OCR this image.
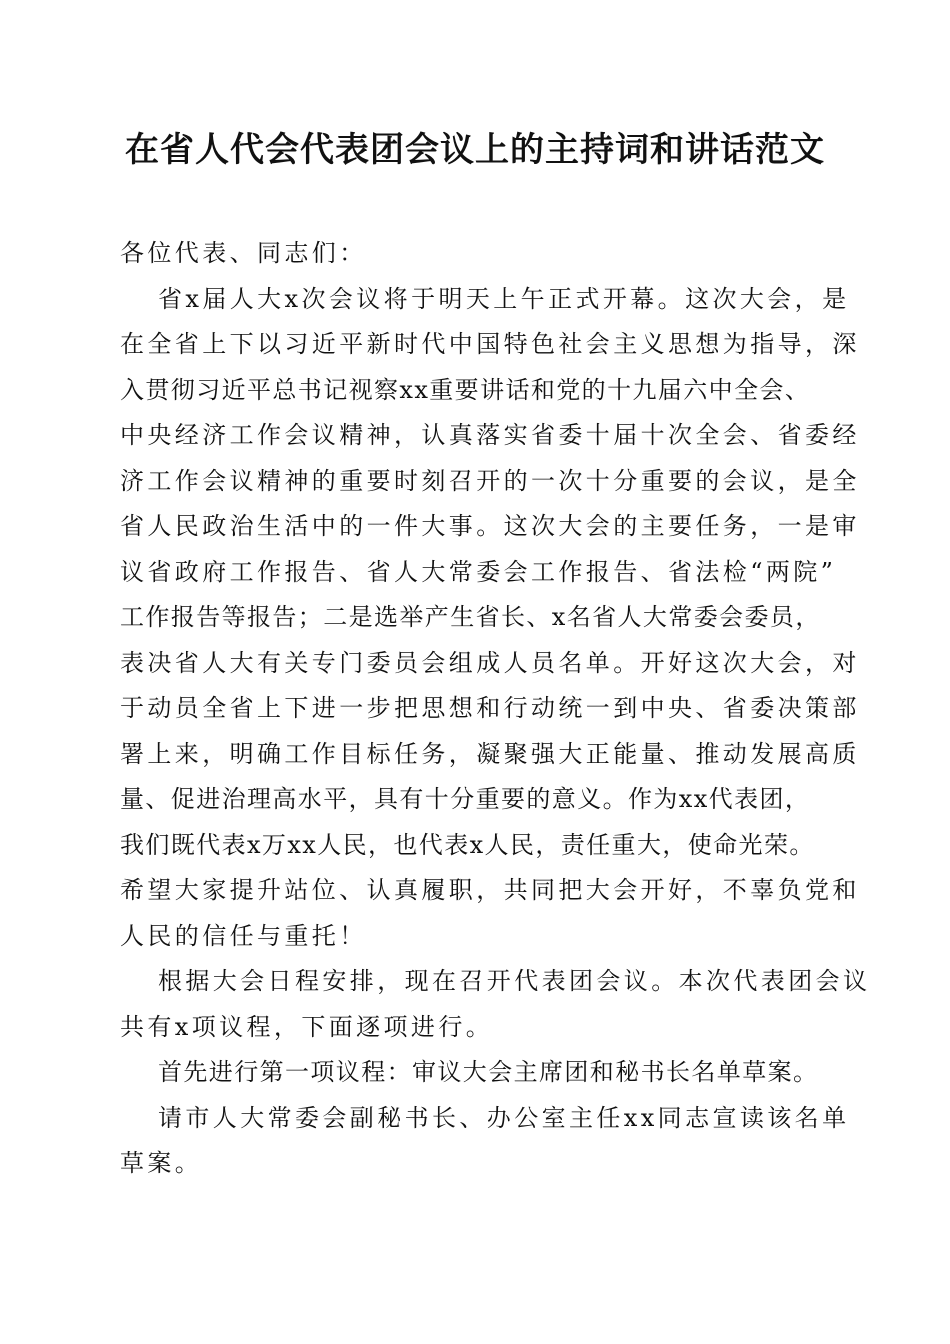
在省人代会代表团会议上的主持词和讲话范文
各位代表、同志们：
省x届人大x次会议将于明天上午正式开幕。这次大会，是
在全省上下以习近平新时代中国特色社会主义思想为指导，深
入贯彻习近平总书记视察xx重要讲话和党的十九届六中全会、
中央经济工作会议精神，认真落实省委十届十次全会、省委经
济工作会议精神的重要时刻召开的一次十分重要的会议，是全
省人民政治生活中的一件大事。这次大会的主要任务，一是审
议省政府工作报告、省人大常委会工作报告、省法检“两院”
工作报告等报告；二是选举产生省长、x名省人大常委会委员，
表决省人大有关专门委员会组成人员名单。开好这次大会，对
于动员全省上下进一步把思想和行动统一到中央、省委决策部
署上来，明确工作目标任务，凝聚强大正能量、推动发展高质
量、促进治理高水平，具有十分重要的意义。作为xx代表团，
我们既代表x万xx人民，也代表x人民，责任重大，使命光荣。
希望大家提升站位、认真履职，共同把大会开好，不辜负党和
人民的信任与重托！
根据大会日程安排，现在召开代表团会议。本次代表团会议
共有x项议程，下面逐项进行。
首先进行第一项议程：审议大会主席团和秘书长名单草案。
请市人大常委会副秘书长、办公室主任xx同志宣读该名单
草案。
